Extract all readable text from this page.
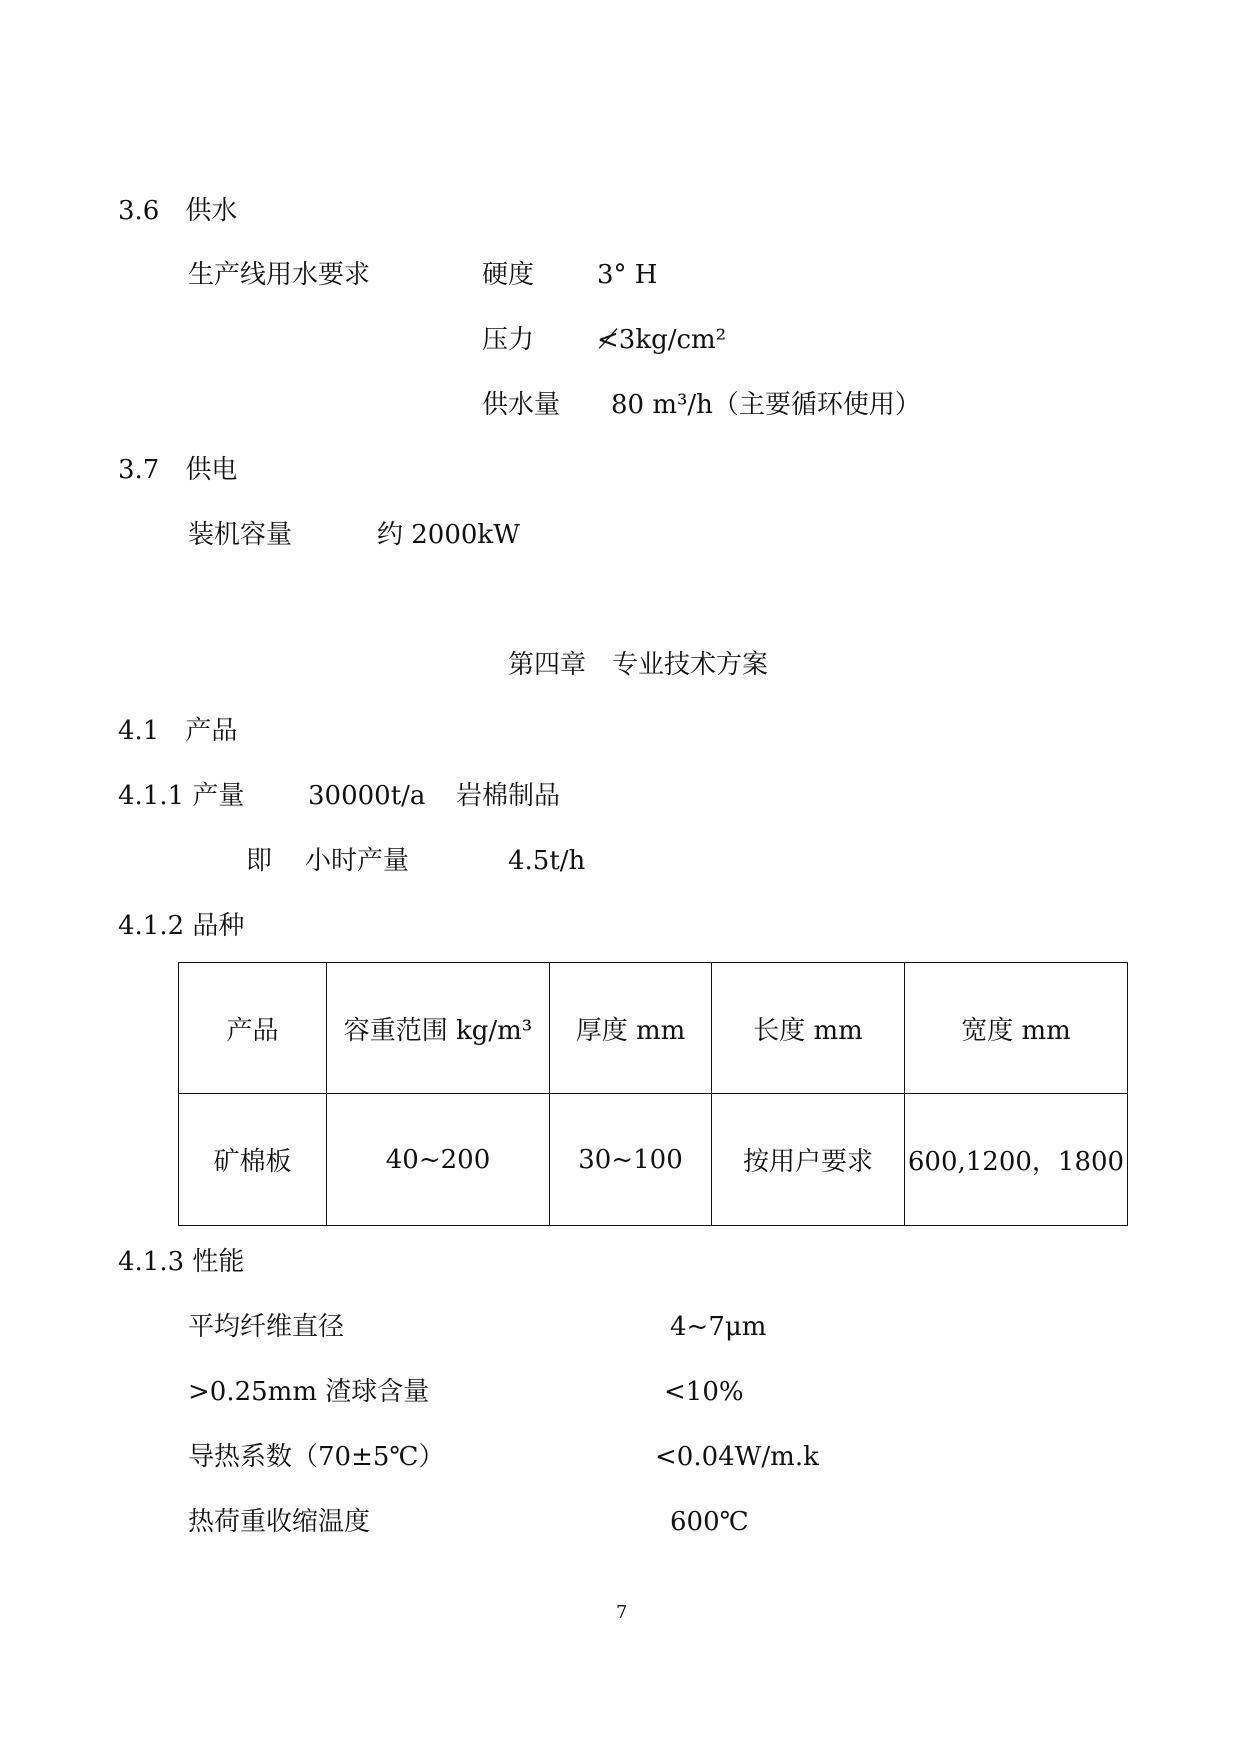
3.6　供水
生产线用水要求	硬度 3° H
压力 ≮3kg/cm²
供水量 80 m³/h（主要循环使用）
3.7　供电
装机容量	约 2000kW
第四章　专业技术方案
4.1　产品
4.1.1 产量 30000t/a 岩棉制品
即 小时产量	4.5t/h
4.1.2 品种
产品	容重范围 kg/m³	厚度 mm	长度 mm	宽度 mm
矿棉板	40~200	30~100	按用户要求	600,1200，1800
4.1.3 性能
平均纤维直径	4~7μm
>0.25mm 渣球含量	<10%
导热系数（70±5℃）	<0.04W/m.k
热荷重收缩温度	600℃
7
